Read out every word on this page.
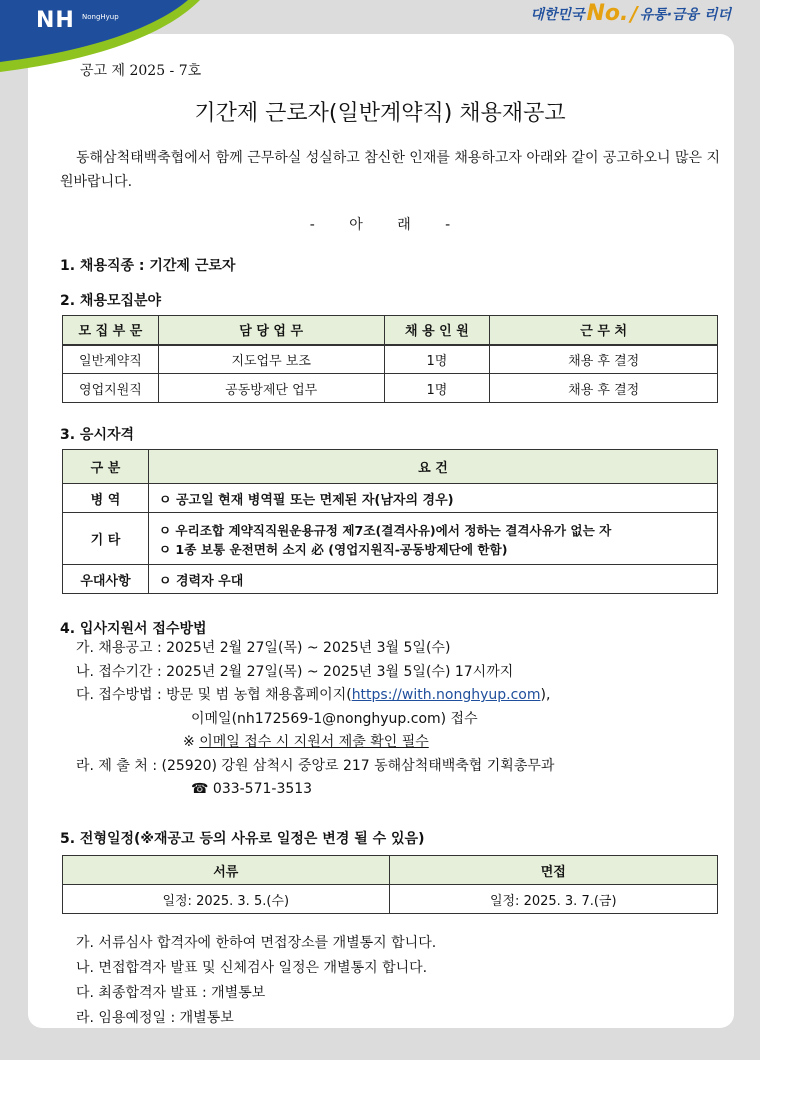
NH NongHyup	대한민국 No. / 유통·금융 리더
공고 제 2025 - 7호
기간제 근로자(일반계약직) 채용재공고
동해삼척태백축협에서 함께 근무하실 성실하고 참신한 인재를 채용하고자 아래와 같이 공고하오니 많은 지원바랍니다.
- 아 래 -
1. 채용직종 : 기간제 근로자
2. 채용모집분야
모 집 부 문	담 당 업 무	채 용 인 원	근 무 처
일반계약직	지도업무 보조	1명	채용 후 결정
영업지원직	공동방제단 업무	1명	채용 후 결정
3. 응시자격
구 분	요 건
병 역	ㅇ 공고일 현재 병역필 또는 면제된 자(남자의 경우)
기 타	ㅇ 우리조합 계약직직원운용규정 제7조(결격사유)에서 정하는 결격사유가 없는 자
ㅇ 1종 보통 운전면허 소지 必 (영업지원직-공동방제단에 한함)

우대사항	ㅇ 경력자 우대
4. 입사지원서 접수방법
가. 채용공고 : 2025년 2월 27일(목) ~ 2025년 3월 5일(수)
나. 접수기간 : 2025년 2월 27일(목) ~ 2025년 3월 5일(수) 17시까지
다. 접수방법 : 방문 및 범 농협 채용홈페이지(https://with.nonghyup.com),
이메일(nh172569-1@nonghyup.com) 접수
※ 이메일 접수 시 지원서 제출 확인 필수
라. 제 출 처 : (25920) 강원 삼척시 중앙로 217 동해삼척태백축협 기획총무과
☎ 033-571-3513
5. 전형일정(※재공고 등의 사유로 일정은 변경 될 수 있음)
서류	면접
일정: 2025. 3. 5.(수)	일정: 2025. 3. 7.(금)
가. 서류심사 합격자에 한하여 면접장소를 개별통지 합니다.
나. 면접합격자 발표 및 신체검사 일정은 개별통지 합니다.
다. 최종합격자 발표 : 개별통보
라. 임용예정일 : 개별통보
